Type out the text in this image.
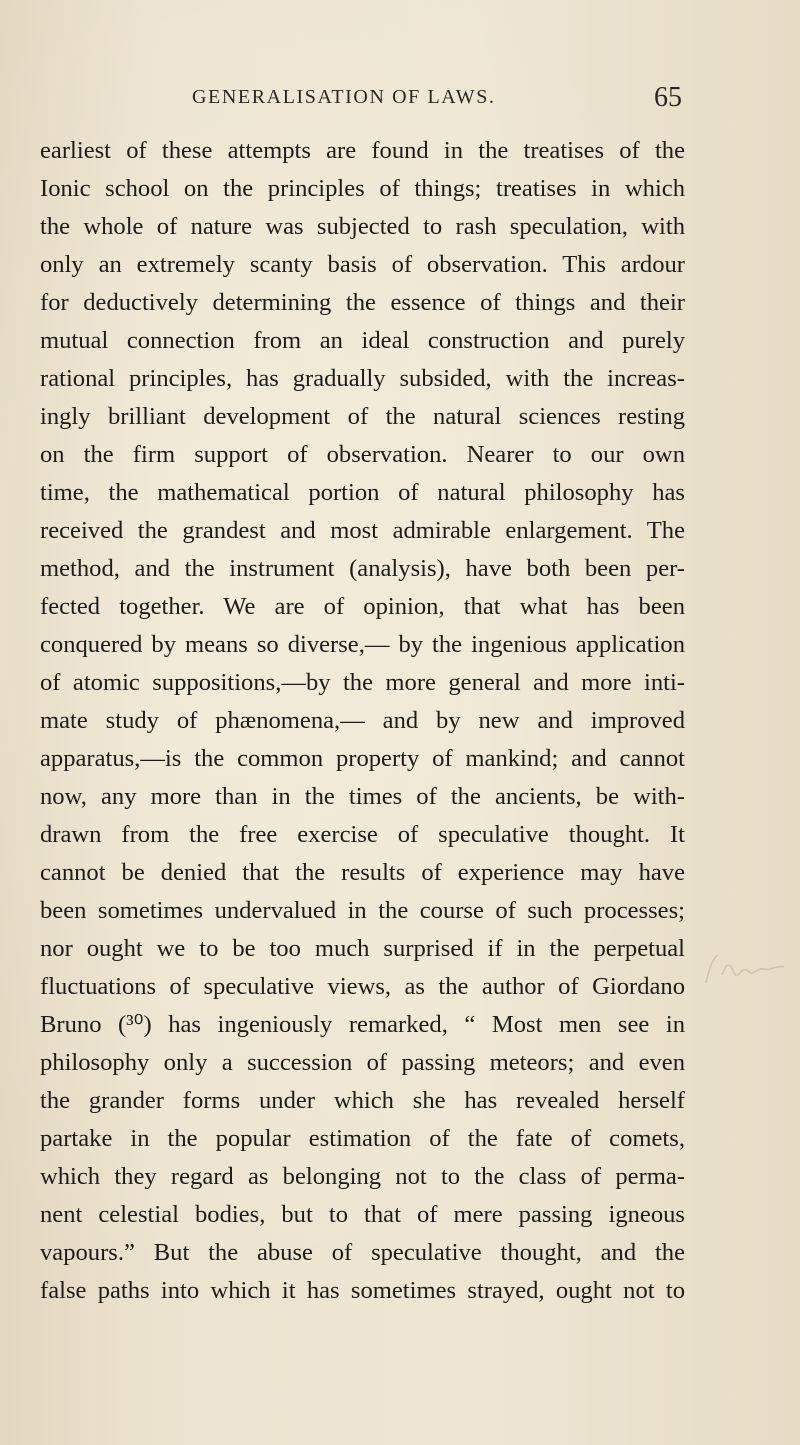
GENERALISATION OF LAWS.	65
earliest of these attempts are found in the treatises of the
Ionic school on the principles of things; treatises in which
the whole of nature was subjected to rash speculation, with
only an extremely scanty basis of observation. This ardour
for deductively determining the essence of things and their
mutual connection from an ideal construction and purely
rational principles, has gradually subsided, with the increas-
ingly brilliant development of the natural sciences resting
on the firm support of observation. Nearer to our own
time, the mathematical portion of natural philosophy has
received the grandest and most admirable enlargement. The
method, and the instrument (analysis), have both been per-
fected together. We are of opinion, that what has been
conquered by means so diverse,— by the ingenious application
of atomic suppositions,—by the more general and more inti-
mate study of phænomena,— and by new and improved
apparatus,—is the common property of mankind; and cannot
now, any more than in the times of the ancients, be with-
drawn from the free exercise of speculative thought. It
cannot be denied that the results of experience may have
been sometimes undervalued in the course of such processes;
nor ought we to be too much surprised if in the perpetual
fluctuations of speculative views, as the author of Giordano
Bruno (³⁰) has ingeniously remarked, “ Most men see in
philosophy only a succession of passing meteors; and even
the grander forms under which she has revealed herself
partake in the popular estimation of the fate of comets,
which they regard as belonging not to the class of perma-
nent celestial bodies, but to that of mere passing igneous
vapours.” But the abuse of speculative thought, and the
false paths into which it has sometimes strayed, ought not to
